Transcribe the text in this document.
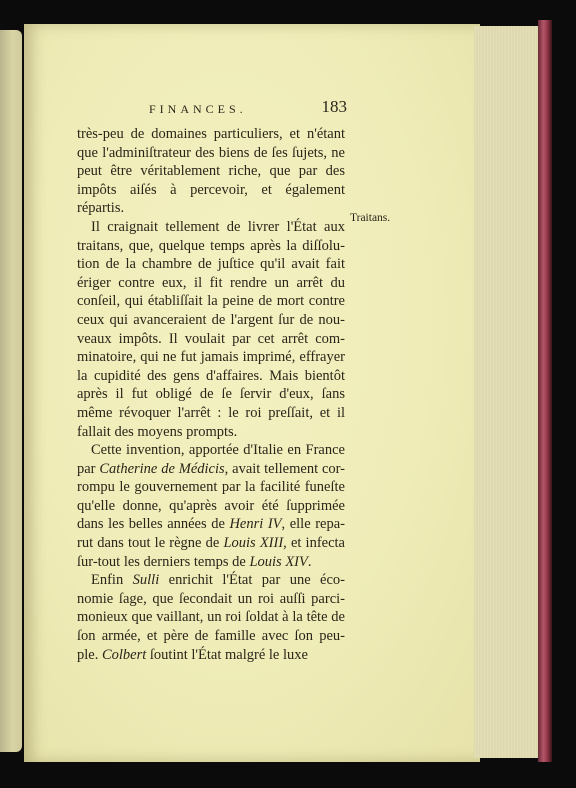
FINANCES.	183

très-peu de domaines particuliers, et n'étant que l'adminiſtrateur des biens de ſes ſujets, ne peut être véritablement riche, que par des impôts aiſés à percevoir, et également répartis.

Il craignait tellement de livrer l'État aux traitans, que, quelque temps après la diſſolu-tion de la chambre de juſtice qu'il avait fait ériger contre eux, il fit rendre un arrêt du conſeil, qui établiſſait la peine de mort contre ceux qui avanceraient de l'argent ſur de nou-veaux impôts. Il voulait par cet arrêt com-minatoire, qui ne fut jamais imprimé, effrayer la cupidité des gens d'affaires. Mais bientôt après il fut obligé de ſe ſervir d'eux, ſans même révoquer l'arrêt : le roi preſſait, et il fallait des moyens prompts.

Cette invention, apportée d'Italie en France par Catherine de Médicis, avait tellement cor-rompu le gouvernement par la facilité funeſte qu'elle donne, qu'après avoir été ſupprimée dans les belles années de Henri IV, elle repa-rut dans tout le règne de Louis XIII, et infecta ſur-tout les derniers temps de Louis XIV.

Enfin Sulli enrichit l'État par une éco-nomie ſage, que ſecondait un roi auſſi parci-monieux que vaillant, un roi ſoldat à la tête de ſon armée, et père de famille avec ſon peu-ple. Colbert ſoutint l'État malgré le luxe

Traitans.
